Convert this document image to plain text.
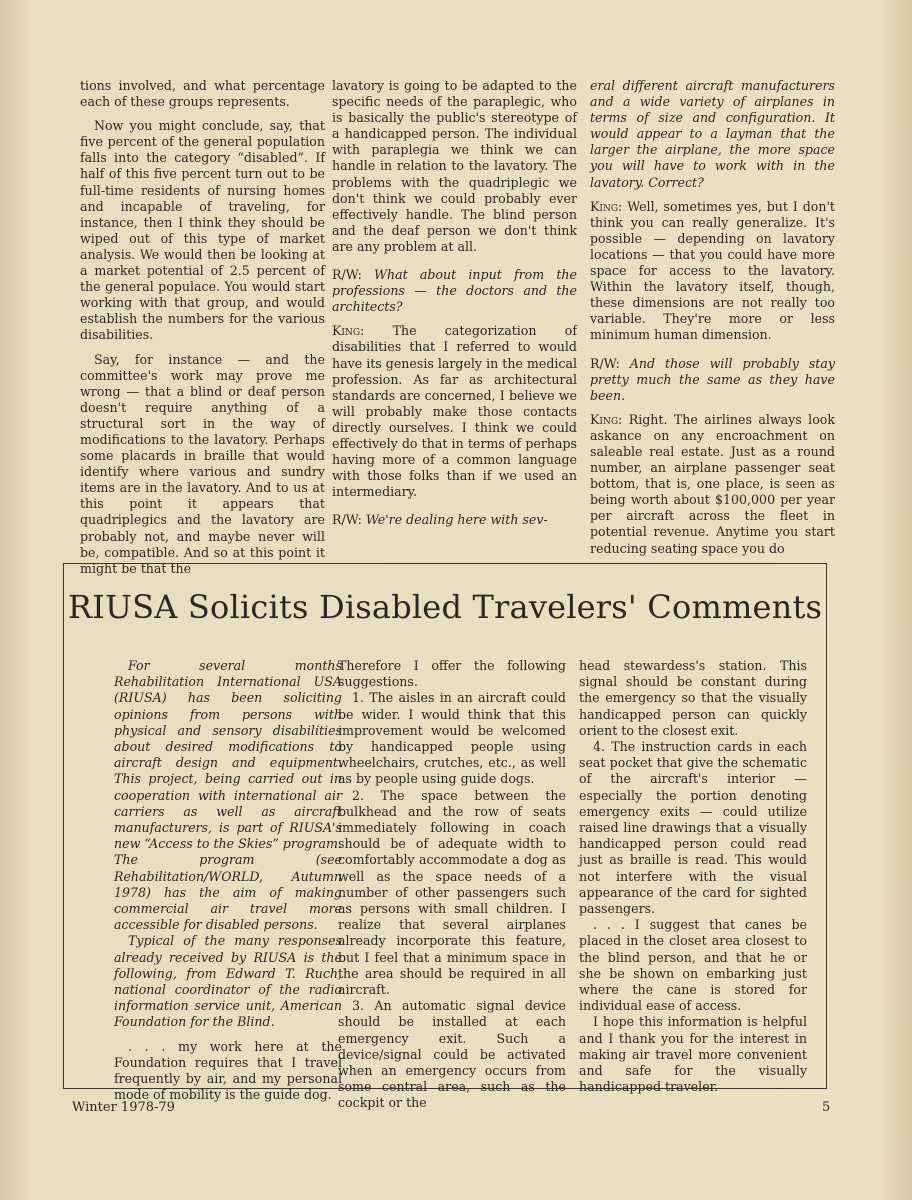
tions involved, and what percentage each of these groups represents.

Now you might conclude, say, that five percent of the general population falls into the category “disabled”. If half of this five percent turn out to be full-time residents of nursing homes and incapable of traveling, for instance, then I think they should be wiped out of this type of market analysis. We would then be looking at a market potential of 2.5 percent of the general populace. You would start working with that group, and would establish the numbers for the various disabilities.

Say, for instance — and the committee's work may prove me wrong — that a blind or deaf person doesn't require anything of a structural sort in the way of modifications to the lavatory. Perhaps some placards in braille that would identify where various and sundry items are in the lavatory. And to us at this point it appears that quadriplegics and the lavatory are probably not, and maybe never will be, compatible. And so at this point it might be that the

lavatory is going to be adapted to the specific needs of the paraplegic, who is basically the public's stereotype of a handicapped person. The individual with paraplegia we think we can handle in relation to the lavatory. The problems with the quadriplegic we don't think we could probably ever effectively handle. The blind person and the deaf person we don't think are any problem at all.

R/W: What about input from the professions — the doctors and the architects?

King: The categorization of disabilities that I referred to would have its genesis largely in the medical profession. As far as architectural standards are concerned, I believe we will probably make those contacts directly ourselves. I think we could effectively do that in terms of perhaps having more of a common language with those folks than if we used an intermediary.

R/W: We're dealing here with sev-

eral different aircraft manufacturers and a wide variety of airplanes in terms of size and configuration. It would appear to a layman that the larger the airplane, the more space you will have to work with in the lavatory. Correct?

King: Well, sometimes yes, but I don't think you can really generalize. It's possible — depending on lavatory locations — that you could have more space for access to the lavatory. Within the lavatory itself, though, these dimensions are not really too variable. They're more or less minimum human dimension.

R/W: And those will probably stay pretty much the same as they have been.

King: Right. The airlines always look askance on any encroachment on saleable real estate. Just as a round number, an airplane passenger seat bottom, that is, one place, is seen as being worth about $100,000 per year per aircraft across the fleet in potential revenue. Anytime you start reducing seating space you do

RIUSA Solicits Disabled Travelers' Comments

For several months Rehabilitation International USA (RIUSA) has been soliciting opinions from persons with physical and sensory disabilities about desired modifications to aircraft design and equipment. This project, being carried out in cooperation with international air carriers as well as aircraft manufacturers, is part of RIUSA's new “Access to the Skies” program. The program (see Rehabilitation/WORLD, Autumn 1978) has the aim of making commercial air travel more accessible for disabled persons.

Typical of the many responses already received by RIUSA is the following, from Edward T. Ruch, national coordinator of the radio information service unit, American Foundation for the Blind.

. . . my work here at the Foundation requires that I travel frequently by air, and my personal mode of mobility is the guide dog.

Therefore I offer the following suggestions.

1. The aisles in an aircraft could be wider. I would think that this improvement would be welcomed by handicapped people using wheelchairs, crutches, etc., as well as by people using guide dogs.

2. The space between the bulkhead and the row of seats immediately following in coach should be of adequate width to comfortably accommodate a dog as well as the space needs of a number of other passengers such as persons with small children. I realize that several airplanes already incorporate this feature, but I feel that a minimum space in the area should be required in all aircraft.

3. An automatic signal device should be installed at each emergency exit. Such a device/signal could be activated when an emergency occurs from some central area, such as the cockpit or the

head stewardess's station. This signal should be constant during the emergency so that the visually handicapped person can quickly orient to the closest exit.

4. The instruction cards in each seat pocket that give the schematic of the aircraft's interior — especially the portion denoting emergency exits — could utilize raised line drawings that a visually handicapped person could read just as braille is read. This would not interfere with the visual appearance of the card for sighted passengers.

. . . I suggest that canes be placed in the closet area closest to the blind person, and that he or she be shown on embarking just where the cane is stored for individual ease of access.

I hope this information is helpful and I thank you for the interest in making air travel more convenient and safe for the visually handicapped traveler.

Winter 1978-79	5
